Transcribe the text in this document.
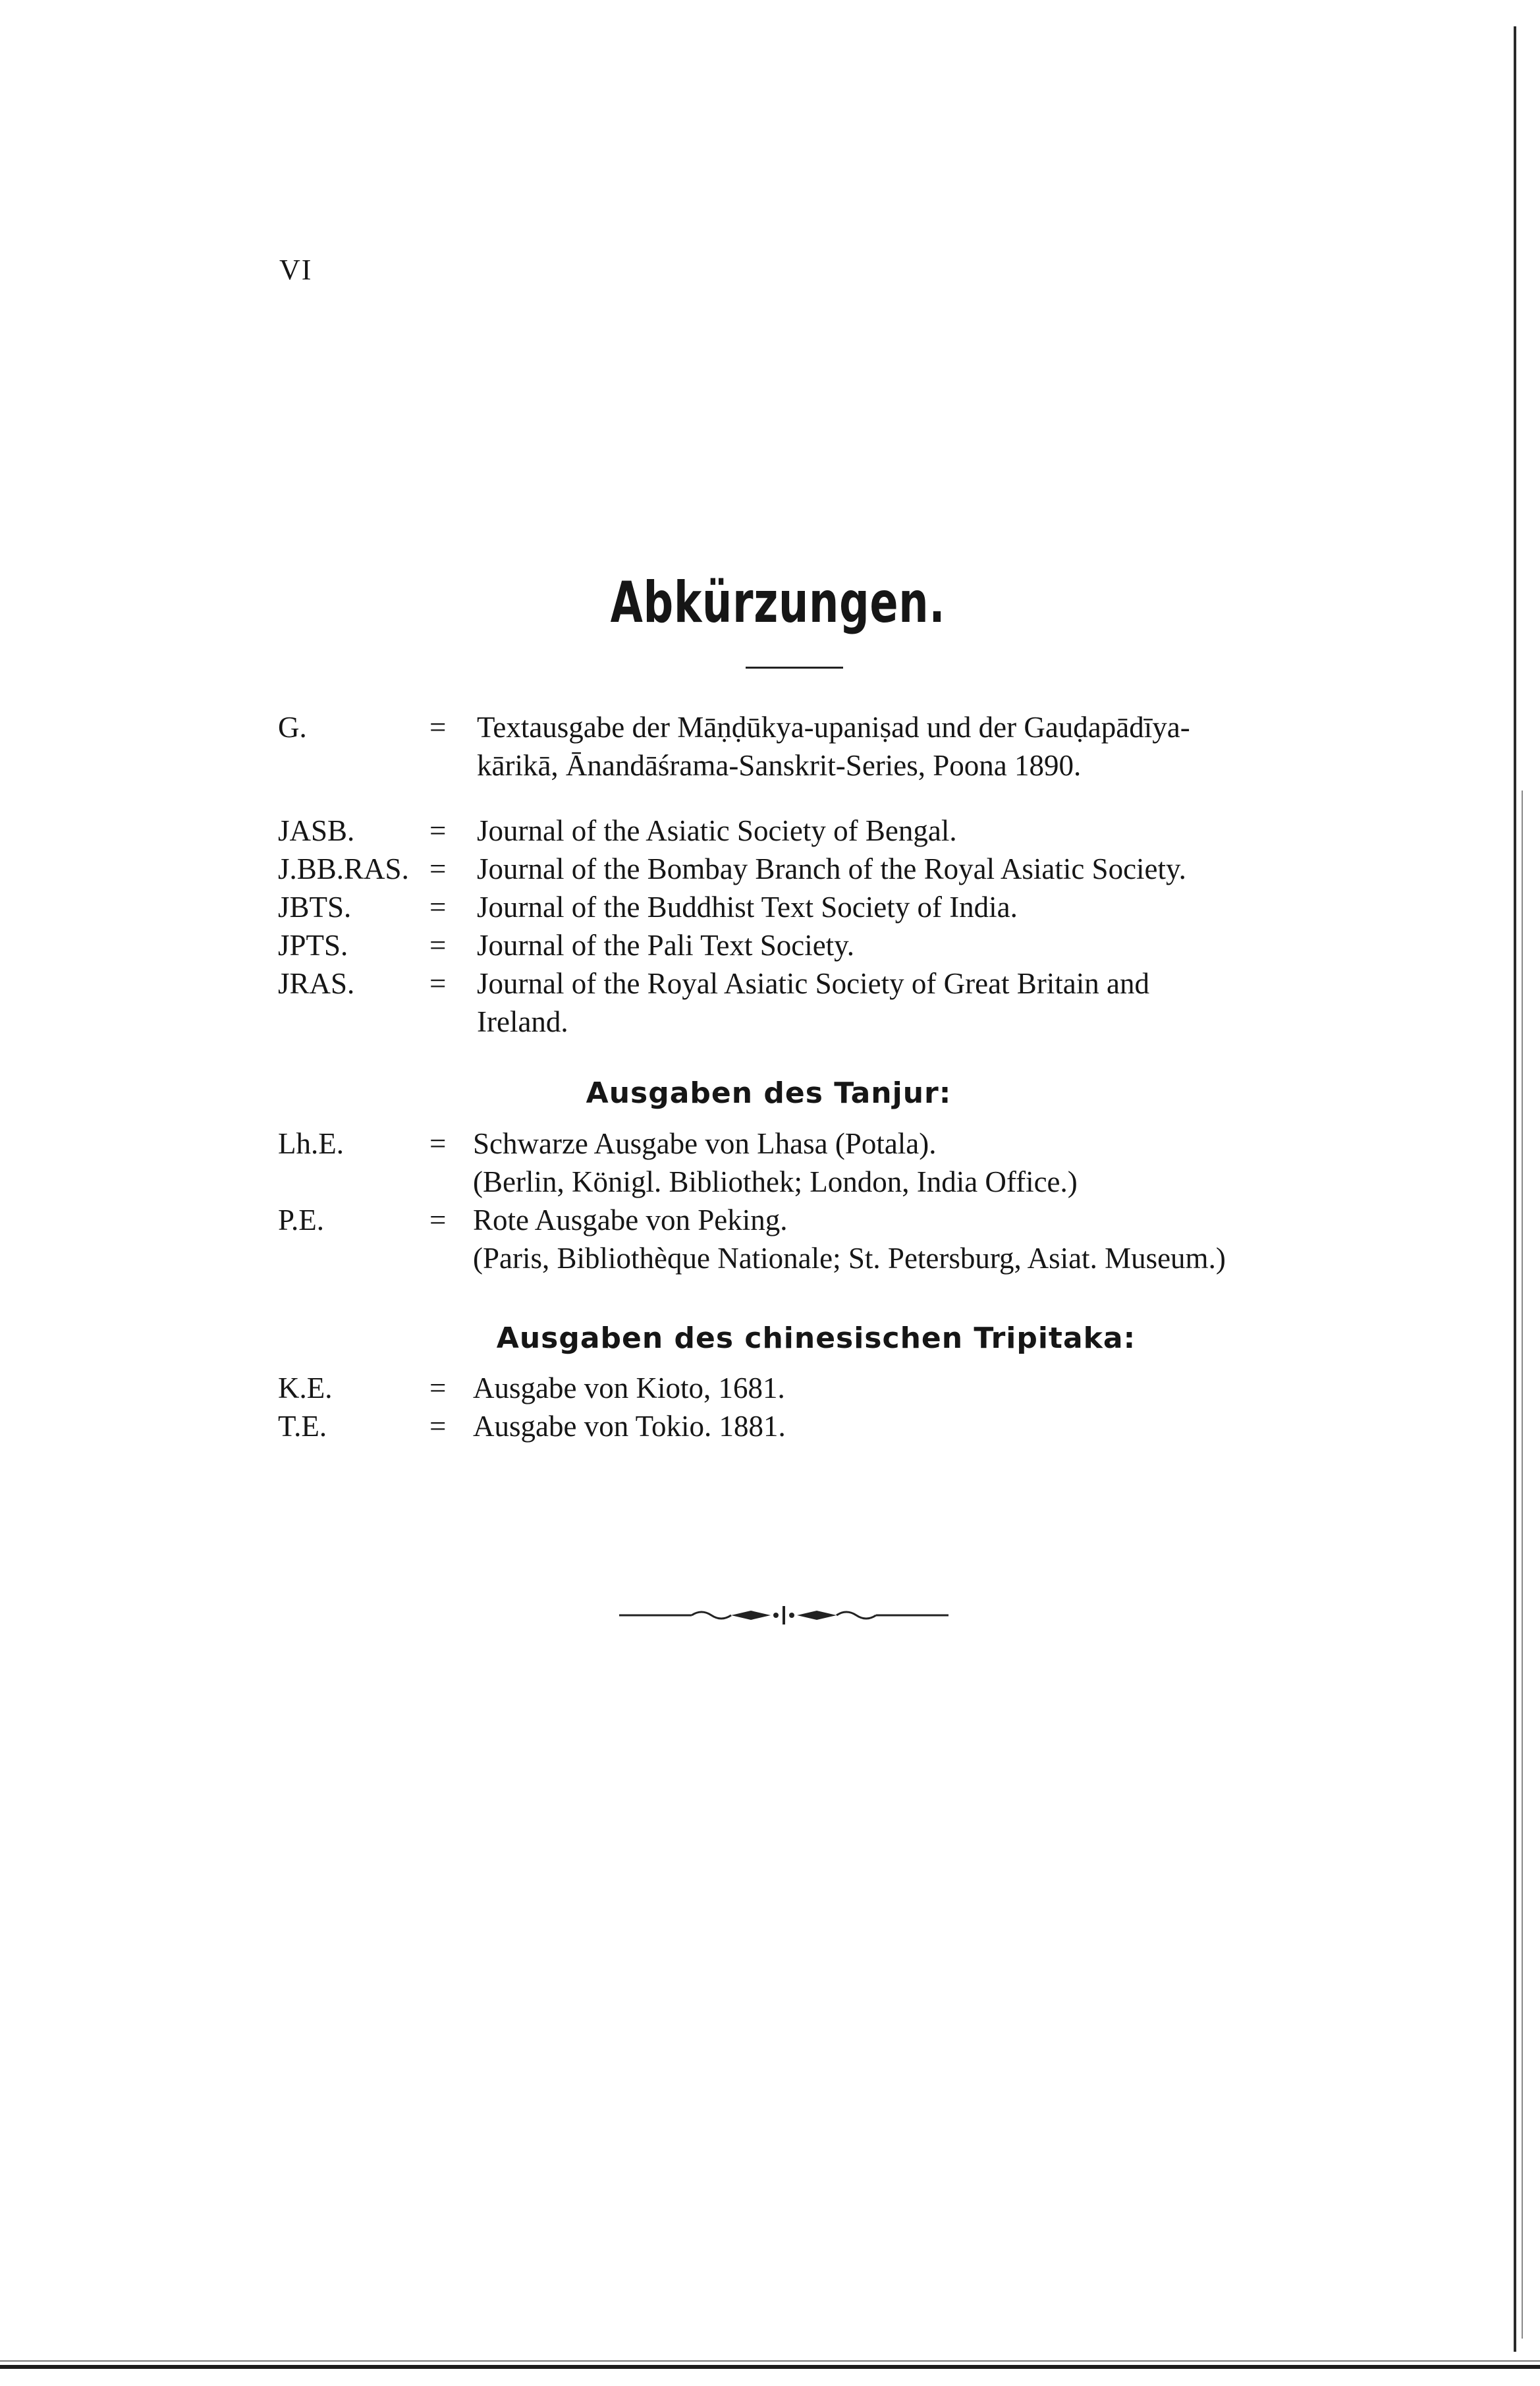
VI
Abkürzungen.
G.	= Textausgabe der Māṇḍūkya-upaniṣad und der Gauḍapādīya-
kārikā, Ānandāśrama-Sanskrit-Series, Poona 1890.
JASB.	= Journal of the Asiatic Society of Bengal.
J.BB.RAS. = Journal of the Bombay Branch of the Royal Asiatic Society.
JBTS.	= Journal of the Buddhist Text Society of India.
JPTS.	= Journal of the Pali Text Society.
JRAS.	= Journal of the Royal Asiatic Society of Great Britain and
Ireland.
Ausgaben des Tanjur:
Lh.E.	= Schwarze Ausgabe von Lhasa (Potala).
(Berlin, Königl. Bibliothek; London, India Office.)
P.E.	= Rote Ausgabe von Peking.
(Paris, Bibliothèque Nationale; St. Petersburg, Asiat. Museum.)
Ausgaben des chinesischen Tripitaka:
K.E.	= Ausgabe von Kioto, 1681.
T.E.	= Ausgabe von Tokio. 1881.
